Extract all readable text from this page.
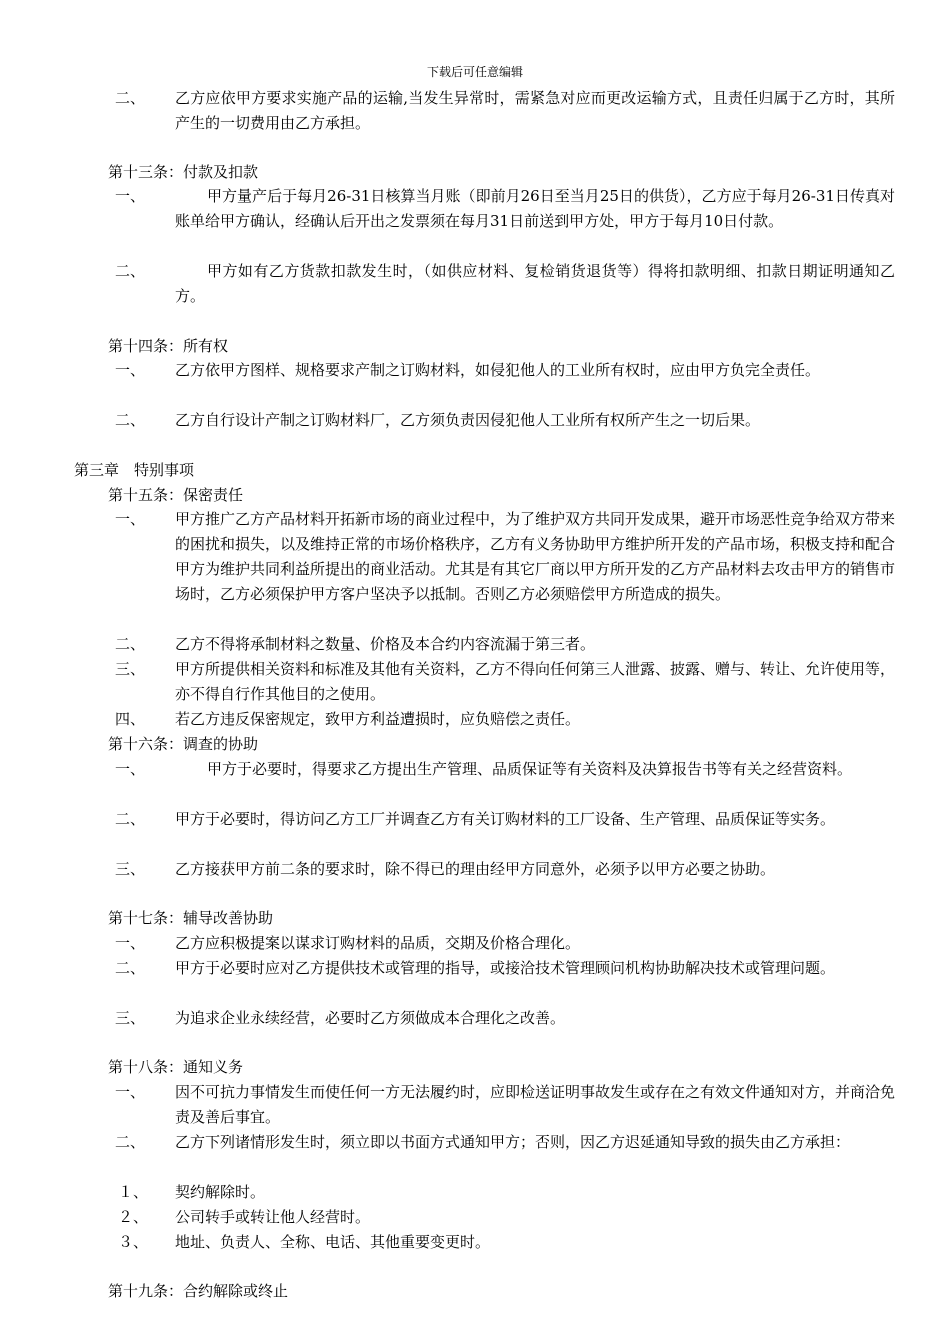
下载后可任意编辑
二、 乙方应依甲方要求实施产品的运输,当发生异常时，需紧急对应而更改运输方式，且责任归属于乙方时，其所产生的一切费用由乙方承担。
第十三条：付款及扣款
一、	甲方量产后于每月26-31日核算当月账（即前月26日至当月25日的供货），乙方应于每月26-31日传真对账单给甲方确认，经确认后开出之发票须在每月31日前送到甲方处，甲方于每月10日付款。
二、	甲方如有乙方货款扣款发生时，（如供应材料、复检销货退货等）得将扣款明细、扣款日期证明通知乙方。
第十四条：所有权
一、 乙方依甲方图样、规格要求产制之订购材料，如侵犯他人的工业所有权时，应由甲方负完全责任。
二、 乙方自行设计产制之订购材料厂，乙方须负责因侵犯他人工业所有权所产生之一切后果。
第三章　特别事项
第十五条：保密责任
一、 甲方推广乙方产品材料开拓新市场的商业过程中，为了维护双方共同开发成果，避开市场恶性竞争给双方带来的困扰和损失，以及维持正常的市场价格秩序，乙方有义务协助甲方维护所开发的产品市场，积极支持和配合甲方为维护共同利益所提出的商业活动。尤其是有其它厂商以甲方所开发的乙方产品材料去攻击甲方的销售市场时，乙方必须保护甲方客户坚决予以抵制。否则乙方必须赔偿甲方所造成的损失。
二、 乙方不得将承制材料之数量、价格及本合约内容流漏于第三者。
三、 甲方所提供相关资料和标准及其他有关资料，乙方不得向任何第三人泄露、披露、赠与、转让、允许使用等，亦不得自行作其他目的之使用。
四、 若乙方违反保密规定，致甲方利益遭损时，应负赔偿之责任。
第十六条：调查的协助
一、	甲方于必要时，得要求乙方提出生产管理、品质保证等有关资料及决算报告书等有关之经营资料。
二、 甲方于必要时，得访问乙方工厂并调查乙方有关订购材料的工厂设备、生产管理、品质保证等实务。
三、 乙方接获甲方前二条的要求时，除不得已的理由经甲方同意外，必须予以甲方必要之协助。
第十七条：辅导改善协助
一、 乙方应积极提案以谋求订购材料的品质，交期及价格合理化。
二、 甲方于必要时应对乙方提供技术或管理的指导，或接洽技术管理顾问机构协助解决技术或管理问题。
三、 为追求企业永续经营，必要时乙方须做成本合理化之改善。
第十八条：通知义务
一、 因不可抗力事情发生而使任何一方无法履约时，应即检送证明事故发生或存在之有效文件通知对方，并商洽免责及善后事宜。
二、 乙方下列诸情形发生时，须立即以书面方式通知甲方；否则，因乙方迟延通知导致的损失由乙方承担：
１、 契约解除时。
２、 公司转手或转让他人经营时。
３、 地址、负责人、全称、电话、其他重要变更时。
第十九条：合约解除或终止
